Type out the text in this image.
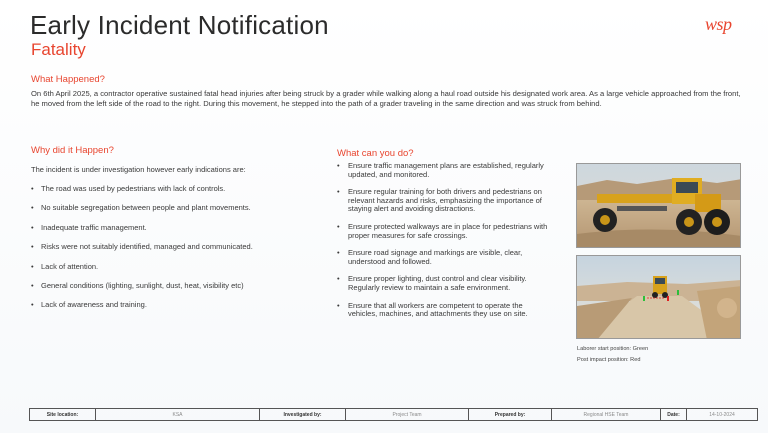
Early Incident Notification
Fatality
wsp
What Happened?
On 6th April 2025, a contractor operative sustained fatal head injuries after being struck by a grader while walking along a haul road outside his designated work area. As a large vehicle approached from the front, he moved from the left side of the road to the right. During this movement, he stepped into the path of a grader traveling in the same direction and was struck from behind.
Why did it Happen?
The incident is under investigation however early indications are:
• The road was used by pedestrians with lack of controls.
• No suitable segregation between people and plant movements.
• Inadequate traffic management.
• Risks were not suitably identified, managed and communicated.
• Lack of attention.
• General conditions (lighting, sunlight, dust, heat, visibility etc)
• Lack of awareness and training.
What can you do?
• Ensure traffic management plans are established, regularly updated, and monitored.
• Ensure regular training for both drivers and pedestrians on relevant hazards and risks, emphasizing the importance of staying alert and avoiding distractions.
• Ensure protected walkways are in place for pedestrians with proper measures for safe crossings.
• Ensure road signage and markings are visible, clear, understood and followed.
• Ensure proper lighting, dust control and clear visibility. Regularly review to maintain a safe environment.
• Ensure that all workers are competent to operate the vehicles, machines, and attachments they use on site.
Laborer start position: Green
Post impact position: Red
Site location:	KSA	Investigated by:	Project Team	Prepared by:	Regional HSE Team	Date:	14-10-2024
